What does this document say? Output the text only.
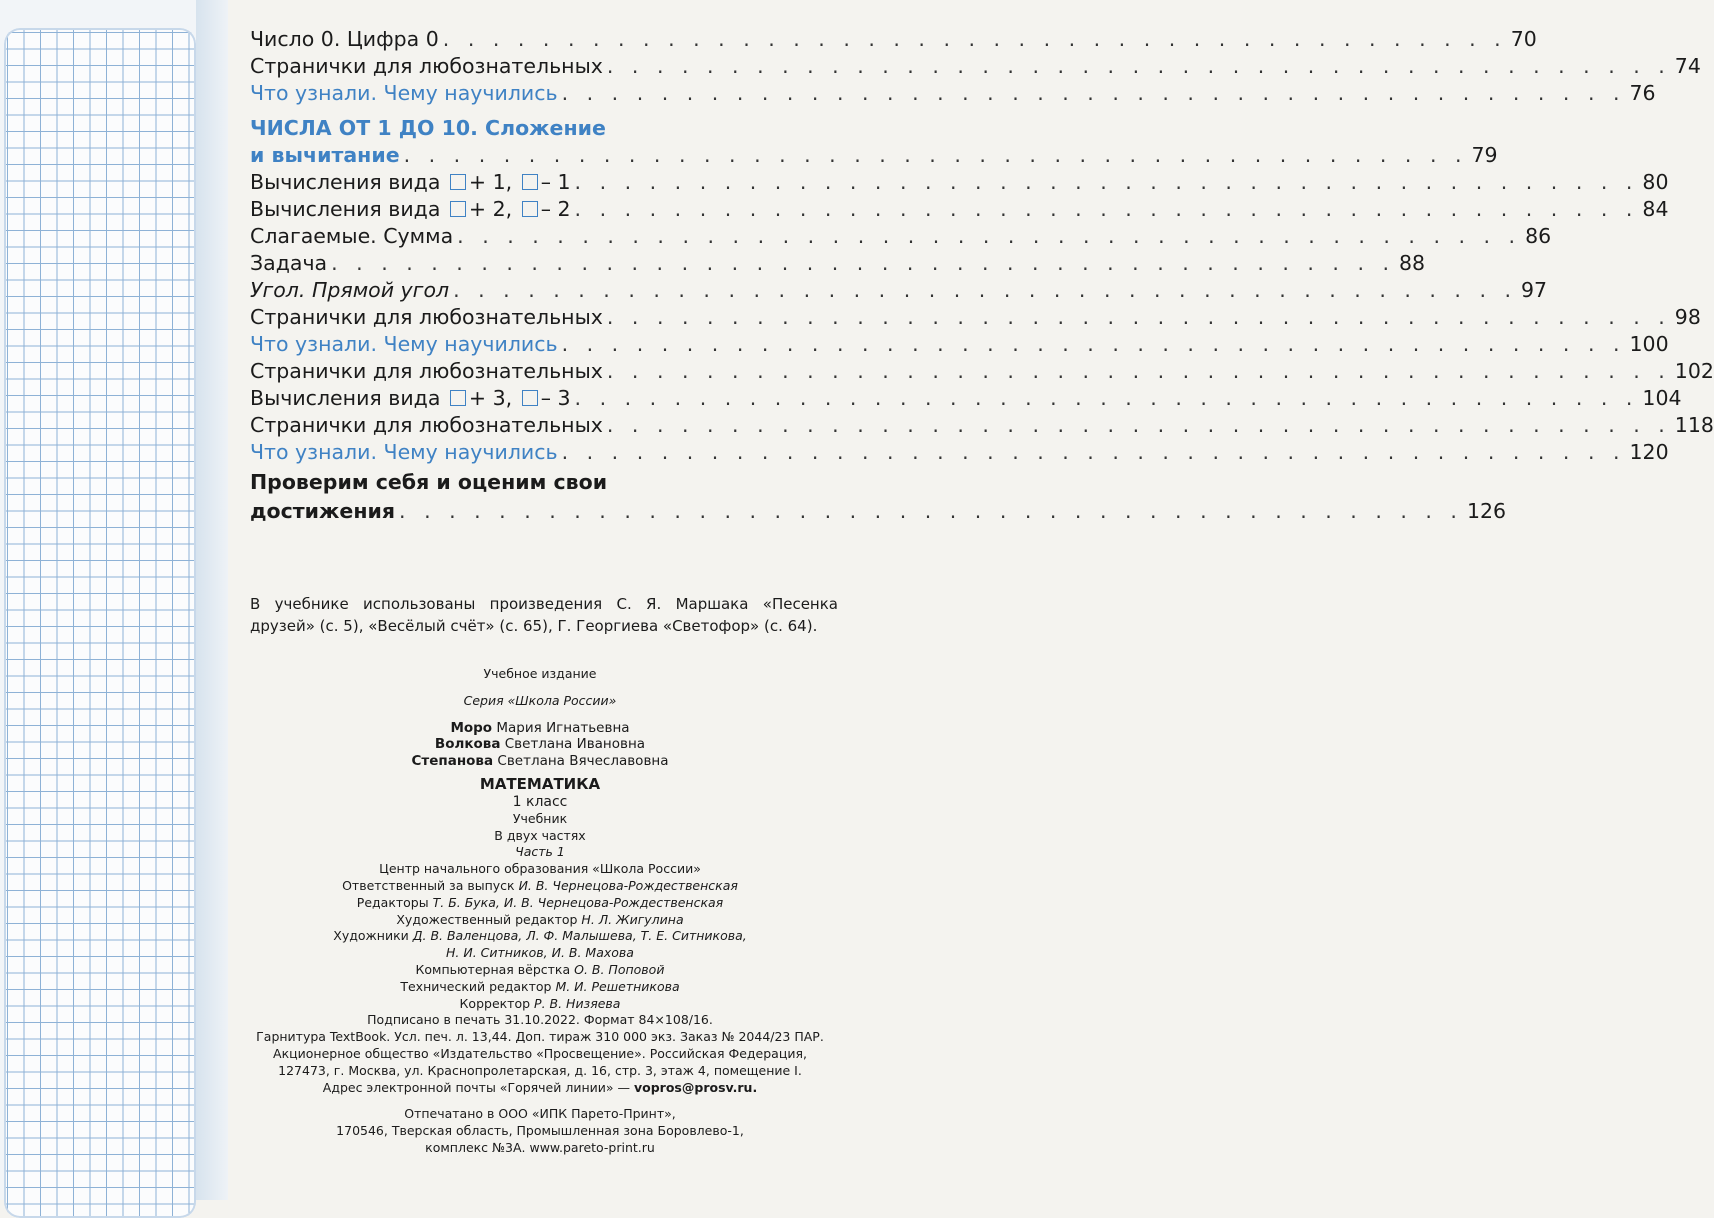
Число 0. Цифра 0 . . . . . . . . . . . . . . . . . . . . . . . . . . . . . . . . . . . . . . . . . . . 70
Странички для любознательных . . . . . . . . . . . . . . . . . . . . . . . . . . . . . . . . . . . . . . . . . . . 74
Что узнали. Чему научились . . . . . . . . . . . . . . . . . . . . . . . . . . . . . . . . . . . . . . . . . . . 76
ЧИСЛА ОТ 1 ДО 10. Сложение
и вычитание . . . . . . . . . . . . . . . . . . . . . . . . . . . . . . . . . . . . . . . . . . . 79
Вычисления вида + 1, – 1 . . . . . . . . . . . . . . . . . . . . . . . . . . . . . . . . . . . . . . . . . . . 80
Вычисления вида + 2, – 2 . . . . . . . . . . . . . . . . . . . . . . . . . . . . . . . . . . . . . . . . . . . 84
Слагаемые. Сумма . . . . . . . . . . . . . . . . . . . . . . . . . . . . . . . . . . . . . . . . . . . 86
Задача . . . . . . . . . . . . . . . . . . . . . . . . . . . . . . . . . . . . . . . . . . . 88
Угол. Прямой угол . . . . . . . . . . . . . . . . . . . . . . . . . . . . . . . . . . . . . . . . . . . 97
Странички для любознательных . . . . . . . . . . . . . . . . . . . . . . . . . . . . . . . . . . . . . . . . . . . 98
Что узнали. Чему научились . . . . . . . . . . . . . . . . . . . . . . . . . . . . . . . . . . . . . . . . . . . 100
Странички для любознательных . . . . . . . . . . . . . . . . . . . . . . . . . . . . . . . . . . . . . . . . . . . 102
Вычисления вида + 3, – 3 . . . . . . . . . . . . . . . . . . . . . . . . . . . . . . . . . . . . . . . . . . . 104
Странички для любознательных . . . . . . . . . . . . . . . . . . . . . . . . . . . . . . . . . . . . . . . . . . . 118
Что узнали. Чему научились . . . . . . . . . . . . . . . . . . . . . . . . . . . . . . . . . . . . . . . . . . . 120
Проверим себя и оценим свои
достижения . . . . . . . . . . . . . . . . . . . . . . . . . . . . . . . . . . . . . . . . . . . 126
В учебнике использованы произведения С. Я. Маршака «Песенка друзей» (с. 5), «Весёлый счёт» (с. 65), Г. Георгиева «Светофор» (с. 64).
Учебное издание
Серия «Школа России»
Моро Мария Игнатьевна
Волкова Светлана Ивановна
Степанова Светлана Вячеславовна
МАТЕМАТИКА
1 класс
Учебник
В двух частях
Часть 1
Центр начального образования «Школа России»
Ответственный за выпуск И. В. Чернецова-Рождественская
Редакторы Т. Б. Бука, И. В. Чернецова-Рождественская
Художественный редактор Н. Л. Жигулина
Художники Д. В. Валенцова, Л. Ф. Малышева, Т. Е. Ситникова,
Н. И. Ситников, И. В. Махова
Компьютерная вёрстка О. В. Поповой
Технический редактор М. И. Решетникова
Корректор Р. В. Низяева
Подписано в печать 31.10.2022. Формат 84×108/16.
Гарнитура TextBook. Усл. печ. л. 13,44. Доп. тираж 310 000 экз. Заказ № 2044/23 ПАР.
Акционерное общество «Издательство «Просвещение». Российская Федерация,
127473, г. Москва, ул. Краснопролетарская, д. 16, стр. 3, этаж 4, помещение I.
Адрес электронной почты «Горячей линии» — vopros@prosv.ru.
Отпечатано в ООО «ИПК Парето-Принт»,
170546, Тверская область, Промышленная зона Боровлево-1,
комплекс №3А. www.pareto-print.ru
